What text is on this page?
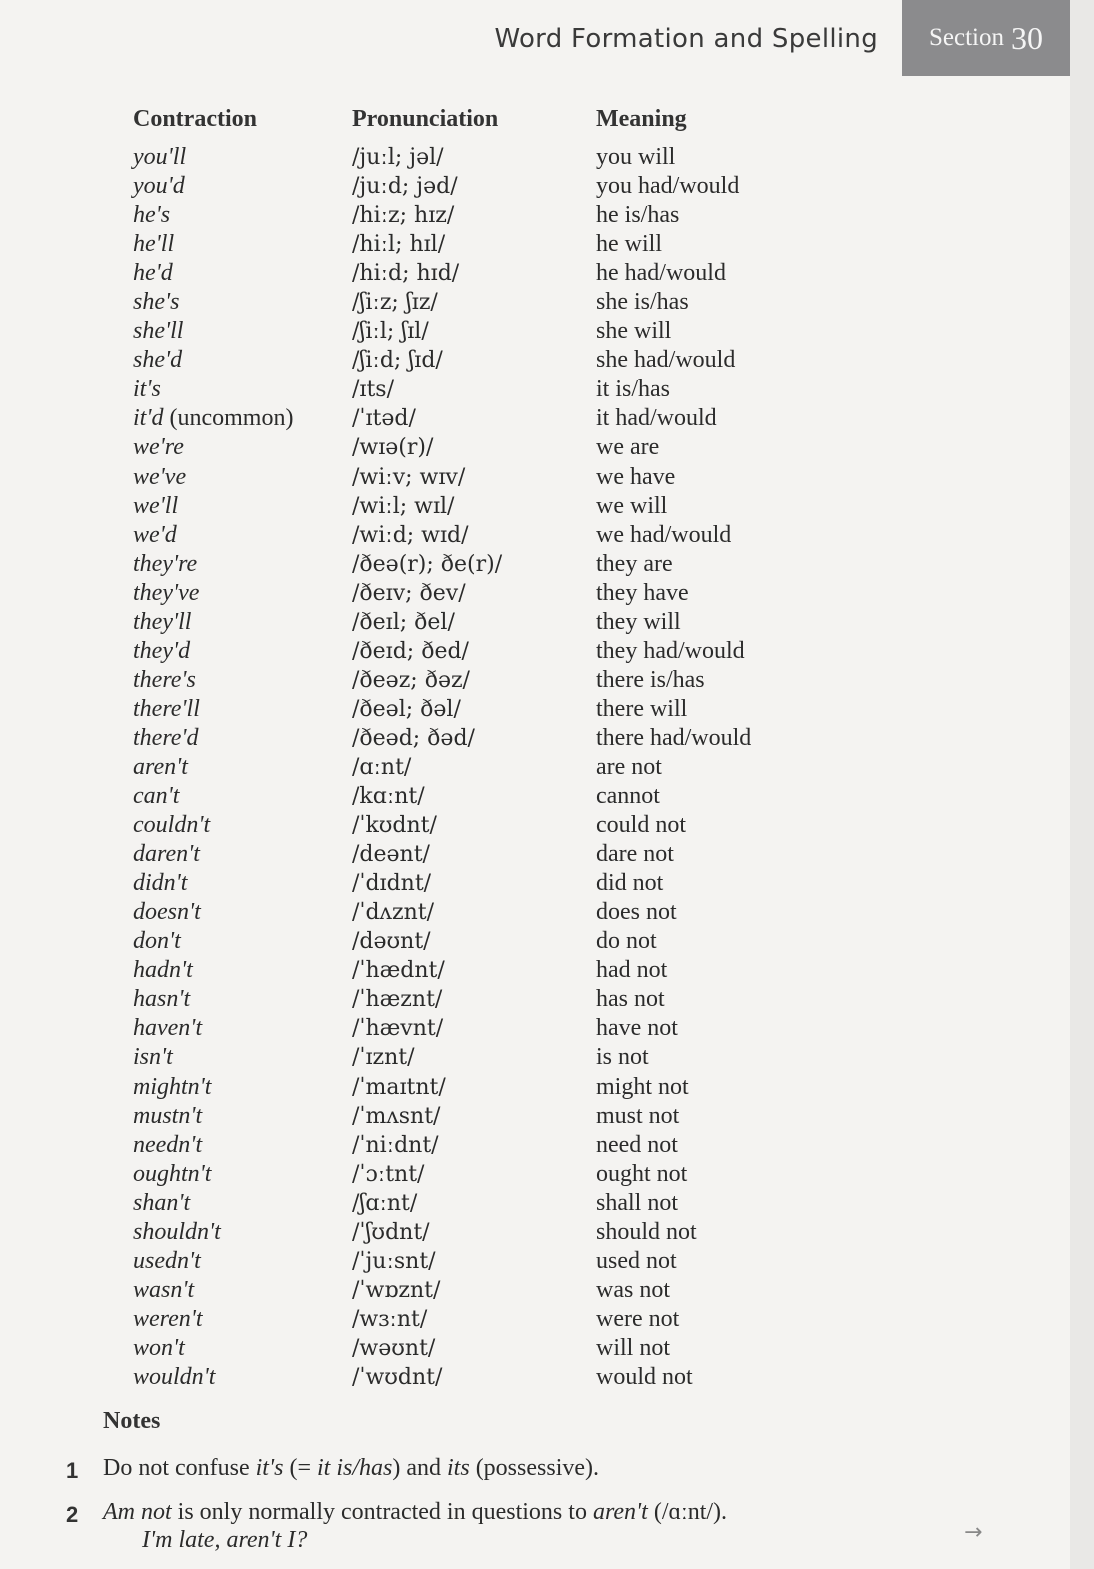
Word Formation and Spelling Section 30
Contraction	Pronunciation	Meaning
you'll	/juːl; jəl/	you will
you'd	/juːd; jəd/	you had/would
he's	/hiːz; hɪz/	he is/has
he'll	/hiːl; hɪl/	he will
he'd	/hiːd; hɪd/	he had/would
she's	/ʃiːz; ʃɪz/	she is/has
she'll	/ʃiːl; ʃɪl/	she will
she'd	/ʃiːd; ʃɪd/	she had/would
it's	/ɪts/	it is/has
it'd (uncommon)	/ˈɪtəd/	it had/would
we're	/wɪə(r)/	we are
we've	/wiːv; wɪv/	we have
we'll	/wiːl; wɪl/	we will
we'd	/wiːd; wɪd/	we had/would
they're	/ðeə(r); ðe(r)/	they are
they've	/ðeɪv; ðev/	they have
they'll	/ðeɪl; ðel/	they will
they'd	/ðeɪd; ðed/	they had/would
there's	/ðeəz; ðəz/	there is/has
there'll	/ðeəl; ðəl/	there will
there'd	/ðeəd; ðəd/	there had/would
aren't	/ɑːnt/	are not
can't	/kɑːnt/	cannot
couldn't	/ˈkʊdnt/	could not
daren't	/deənt/	dare not
didn't	/ˈdɪdnt/	did not
doesn't	/ˈdʌznt/	does not
don't	/dəʊnt/	do not
hadn't	/ˈhædnt/	had not
hasn't	/ˈhæznt/	has not
haven't	/ˈhævnt/	have not
isn't	/ˈɪznt/	is not
mightn't	/ˈmaɪtnt/	might not
mustn't	/ˈmʌsnt/	must not
needn't	/ˈniːdnt/	need not
oughtn't	/ˈɔːtnt/	ought not
shan't	/ʃɑːnt/	shall not
shouldn't	/ˈʃʊdnt/	should not
usedn't	/ˈjuːsnt/	used not
wasn't	/ˈwɒznt/	was not
weren't	/wɜːnt/	were not
won't	/wəʊnt/	will not
wouldn't	/ˈwʊdnt/	would not
Notes
1 Do not confuse it's (= it is/has) and its (possessive).
2 Am not is only normally contracted in questions to aren't (/ɑːnt/).
I'm late, aren't I?	→
